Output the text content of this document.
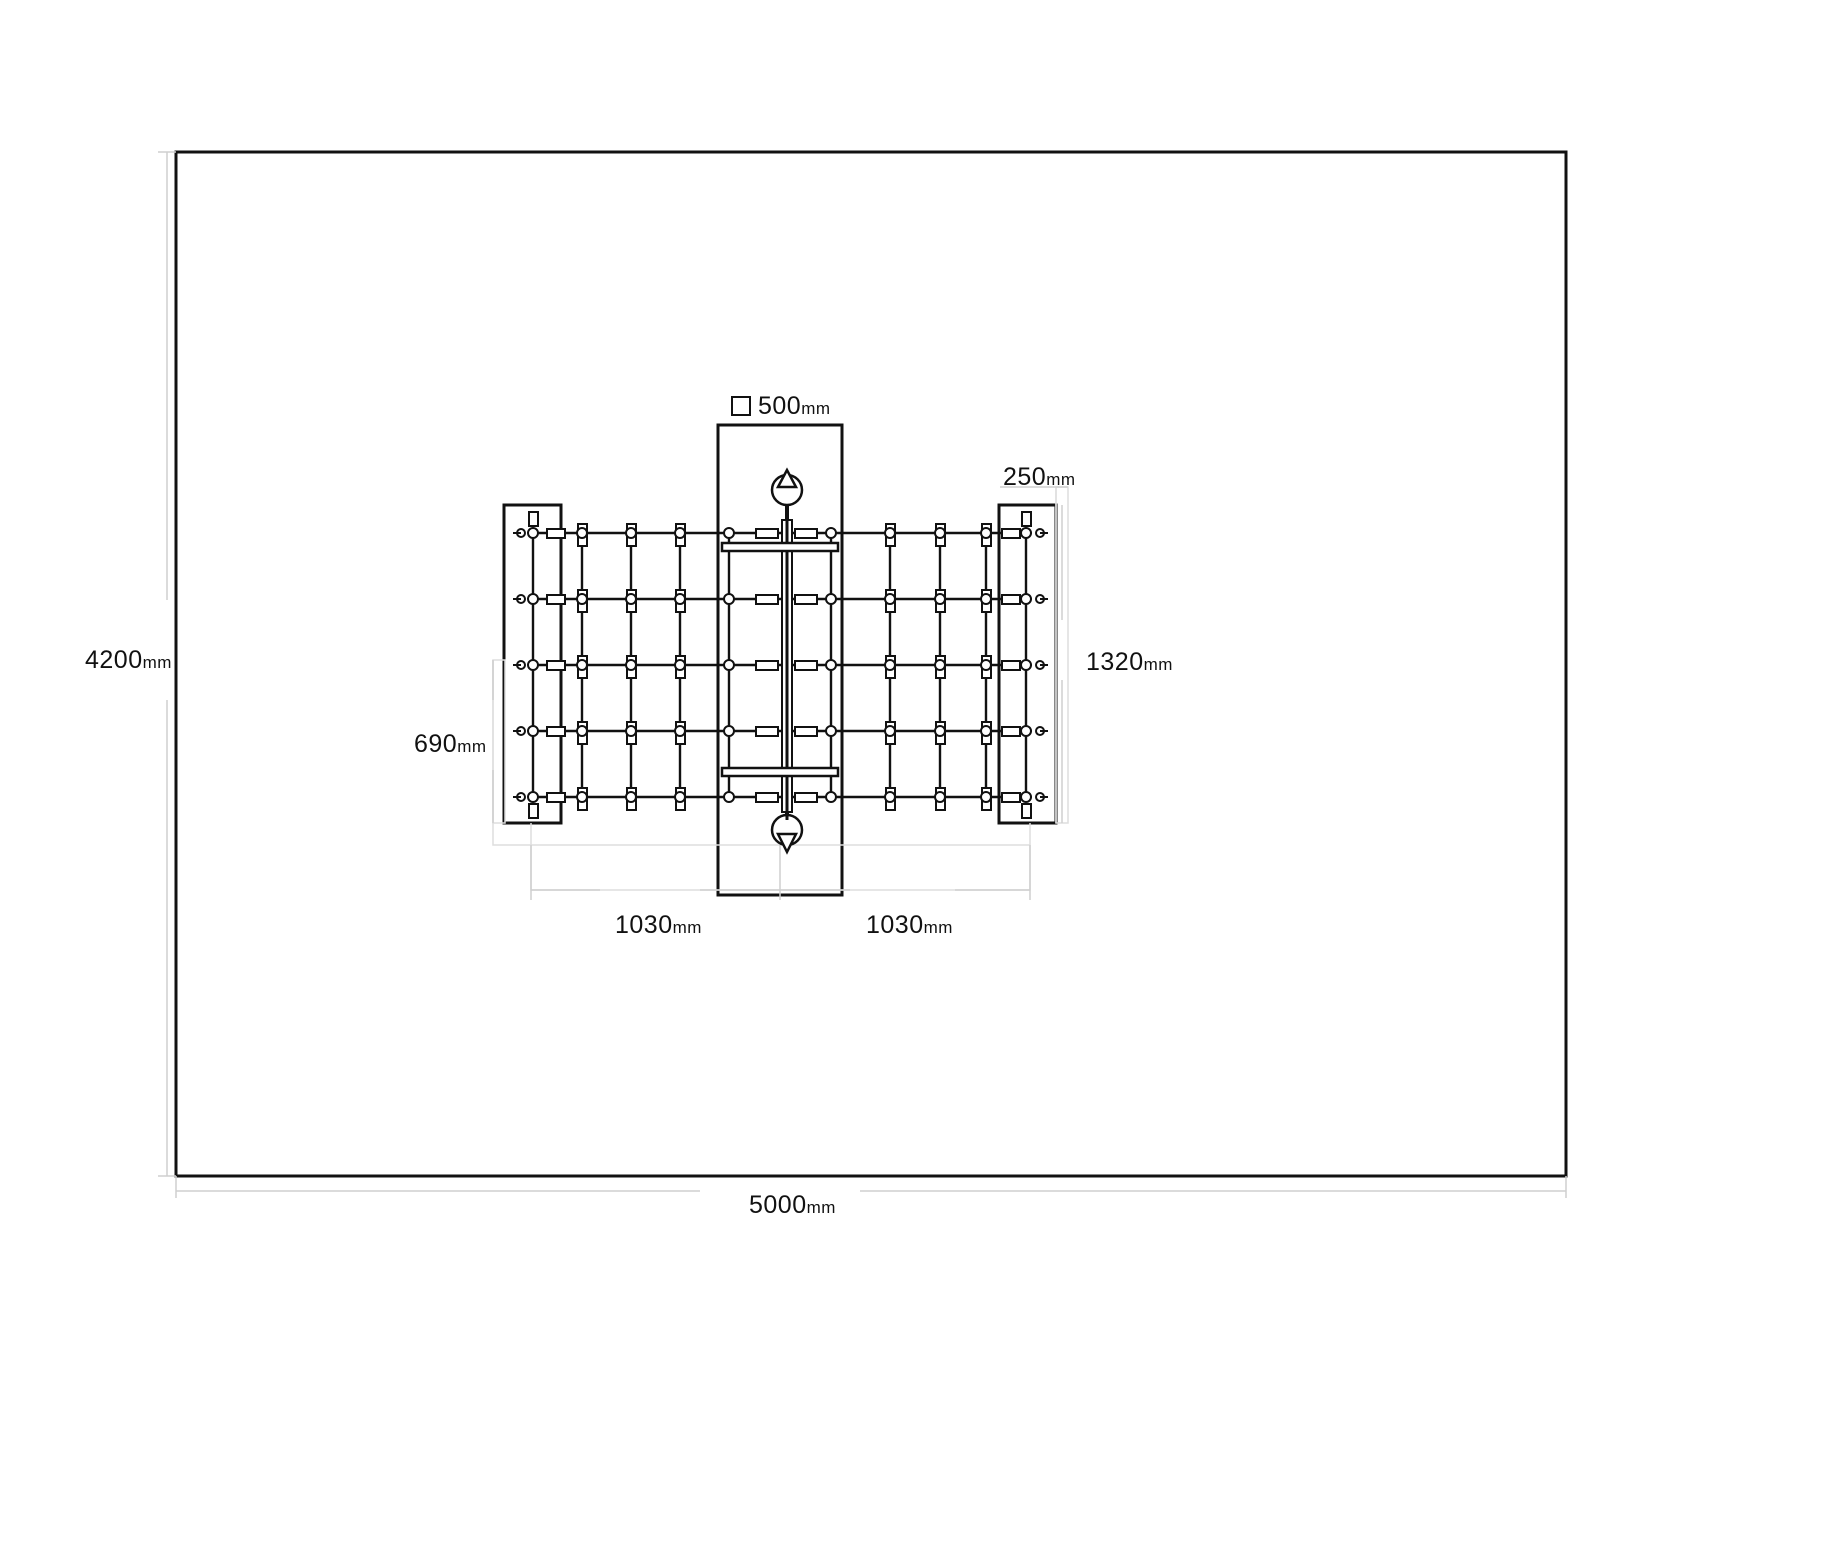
500mm
250mm
1320mm
690mm
1030mm	1030mm
4200mm
5000mm
